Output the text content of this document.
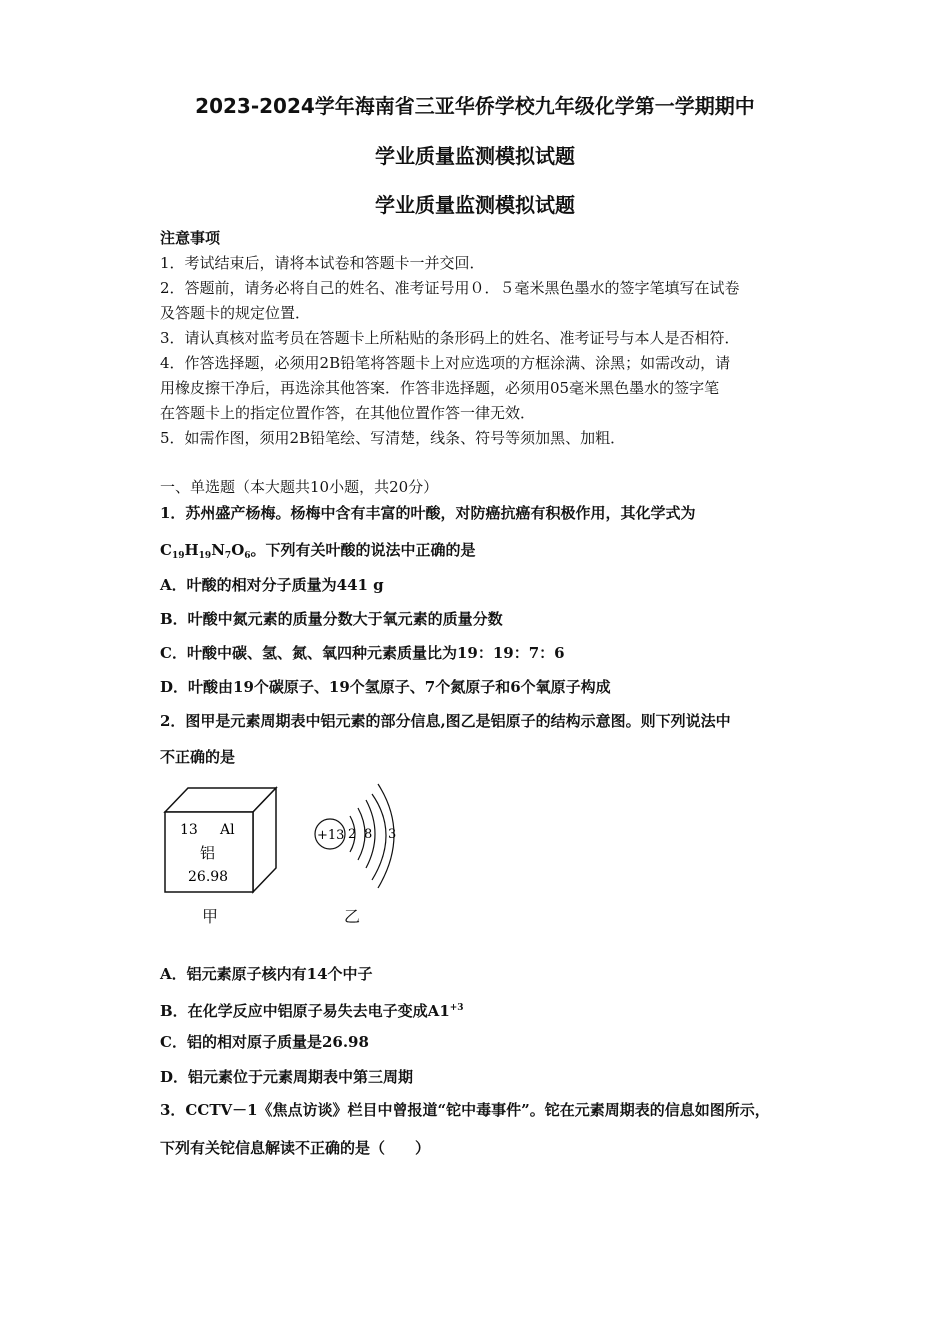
2023-2024学年海南省三亚华侨学校九年级化学第一学期期中
学业质量监测模拟试题
学业质量监测模拟试题
注意事项
1．考试结束后，请将本试卷和答题卡一并交回．
2．答题前，请务必将自己的姓名、准考证号用０．５毫米黑色墨水的签字笔填写在试卷
及答题卡的规定位置．
3．请认真核对监考员在答题卡上所粘贴的条形码上的姓名、准考证号与本人是否相符．
4．作答选择题，必须用2B铅笔将答题卡上对应选项的方框涂满、涂黑；如需改动，请
用橡皮擦干净后，再选涂其他答案．作答非选择题，必须用05毫米黑色墨水的签字笔
在答题卡上的指定位置作答，在其他位置作答一律无效．
5．如需作图，须用2B铅笔绘、写清楚，线条、符号等须加黑、加粗．
一、单选题（本大题共10小题，共20分）
1．苏州盛产杨梅。杨梅中含有丰富的叶酸，对防癌抗癌有积极作用，其化学式为
$C_{19}H_{19}N_7O_6$。下列有关叶酸的说法中正确的是
A．叶酸的相对分子质量为441 g
B．叶酸中氮元素的质量分数大于氧元素的质量分数
C．叶酸中碳、氢、氮、氧四种元素质量比为19：19：7：6
D．叶酸由19个碳原子、19个氢原子、7个氮原子和6个氧原子构成
2．图甲是元素周期表中铝元素的部分信息,图乙是铝原子的结构示意图。则下列说法中
不正确的是
13 Al
铝
26.98
+13 2 8 3
甲	乙
A．铝元素原子核内有14个中子
B．在化学反应中铝原子易失去电子变成$A1^{+3}$
C．铝的相对原子质量是26.98
D．铝元素位于元素周期表中第三周期
3．CCTV－1《焦点访谈》栏目中曾报道“铊中毒事件”。铊在元素周期表的信息如图所示，
下列有关铊信息解读不正确的是（　　）
